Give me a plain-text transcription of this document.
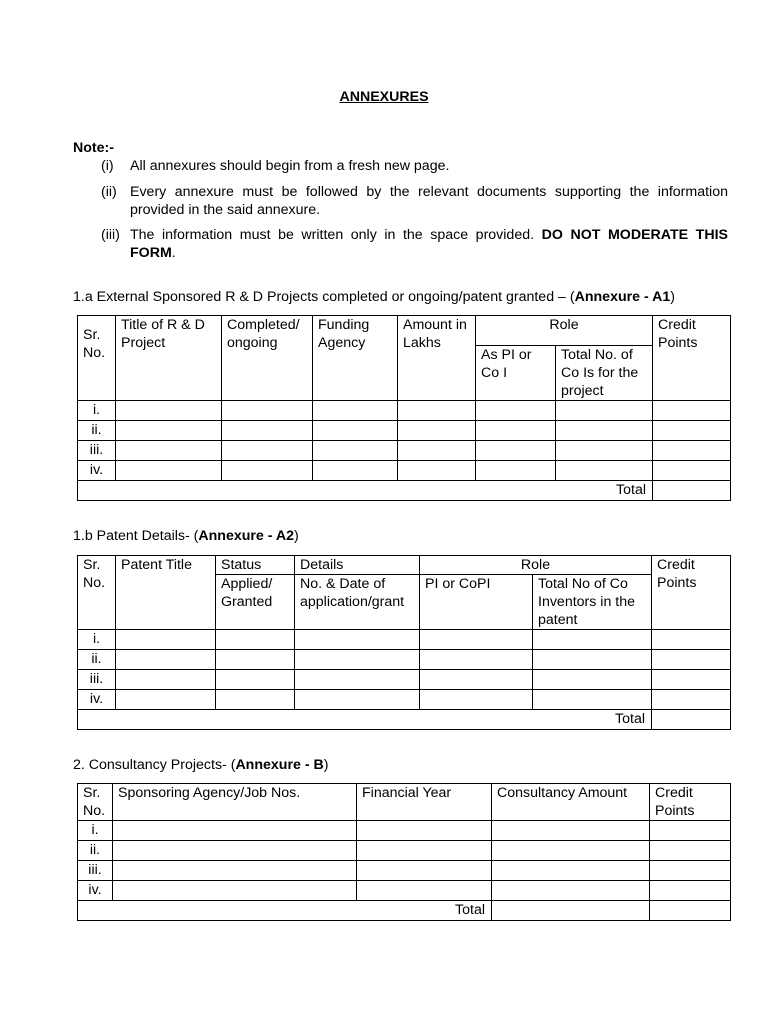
ANNEXURES
Note:-
(i) All annexures should begin from a fresh new page.
(ii) Every annexure must be followed by the relevant documents supporting the information provided in the said annexure.
(iii) The information must be written only in the space provided. DO NOT MODERATE THIS FORM.
1.a External Sponsored R & D Projects completed or ongoing/patent granted – (Annexure - A1)
Sr. No.	Title of R & D Project	Completed/ ongoing	Funding Agency	Amount in Lakhs	Role		Credit Points
					As PI or Co I	Total No. of Co Is for the project	
i.							
ii.							
iii.							
iv.							
Total							
1.b Patent Details- (Annexure - A2)
Sr. No.	Patent Title	Status	Details	Role		Credit Points
		Applied/ Granted	No. & Date of application/grant	PI or CoPI	Total No of Co Inventors in the patent	
i.						
ii.						
iii.						
iv.						
Total						
2. Consultancy Projects- (Annexure - B)
Sr. No.	Sponsoring Agency/Job Nos.	Financial Year	Consultancy Amount	Credit Points
i.				
ii.				
iii.				
iv.				
Total				
